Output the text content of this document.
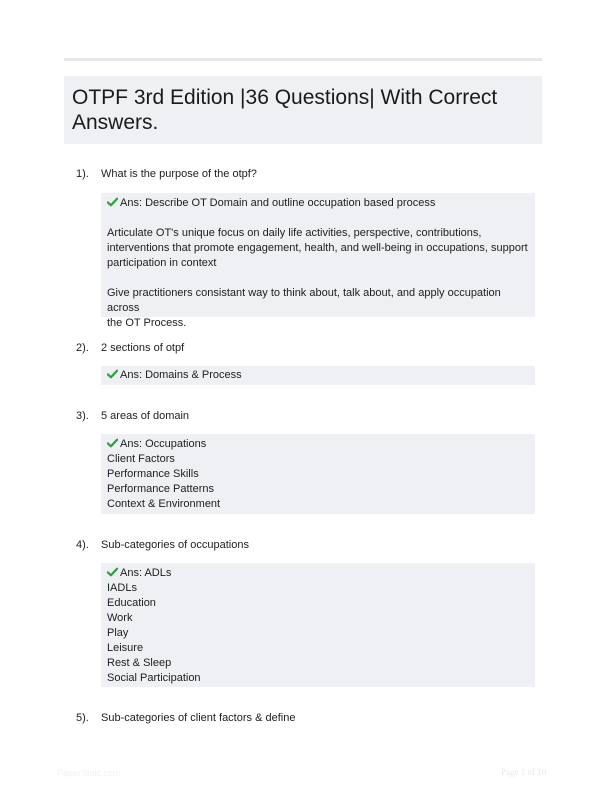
OTPF 3rd Edition |36 Questions| With Correct Answers.
1). What is the purpose of the otpf?

Ans: Describe OT Domain and outline occupation based process

Articulate OT's unique focus on daily life activities, perspective, contributions,

interventions that promote engagement, health, and well-being in occupations, support

participation in context

Give practitioners consistant way to think about, talk about, and apply occupation across

the OT Process.

2). 2 sections of otpf

Ans: Domains & Process

3). 5 areas of domain

Ans: Occupations

Client Factors

Performance Skills

Performance Patterns

Context & Environment

4). Sub-categories of occupations

Ans: ADLs

IADLs

Education

Work

Play

Leisure

Rest & Sleep

Social Participation

5). Sub-categories of client factors & define
PaperStaic.com	Page 1 of 10
